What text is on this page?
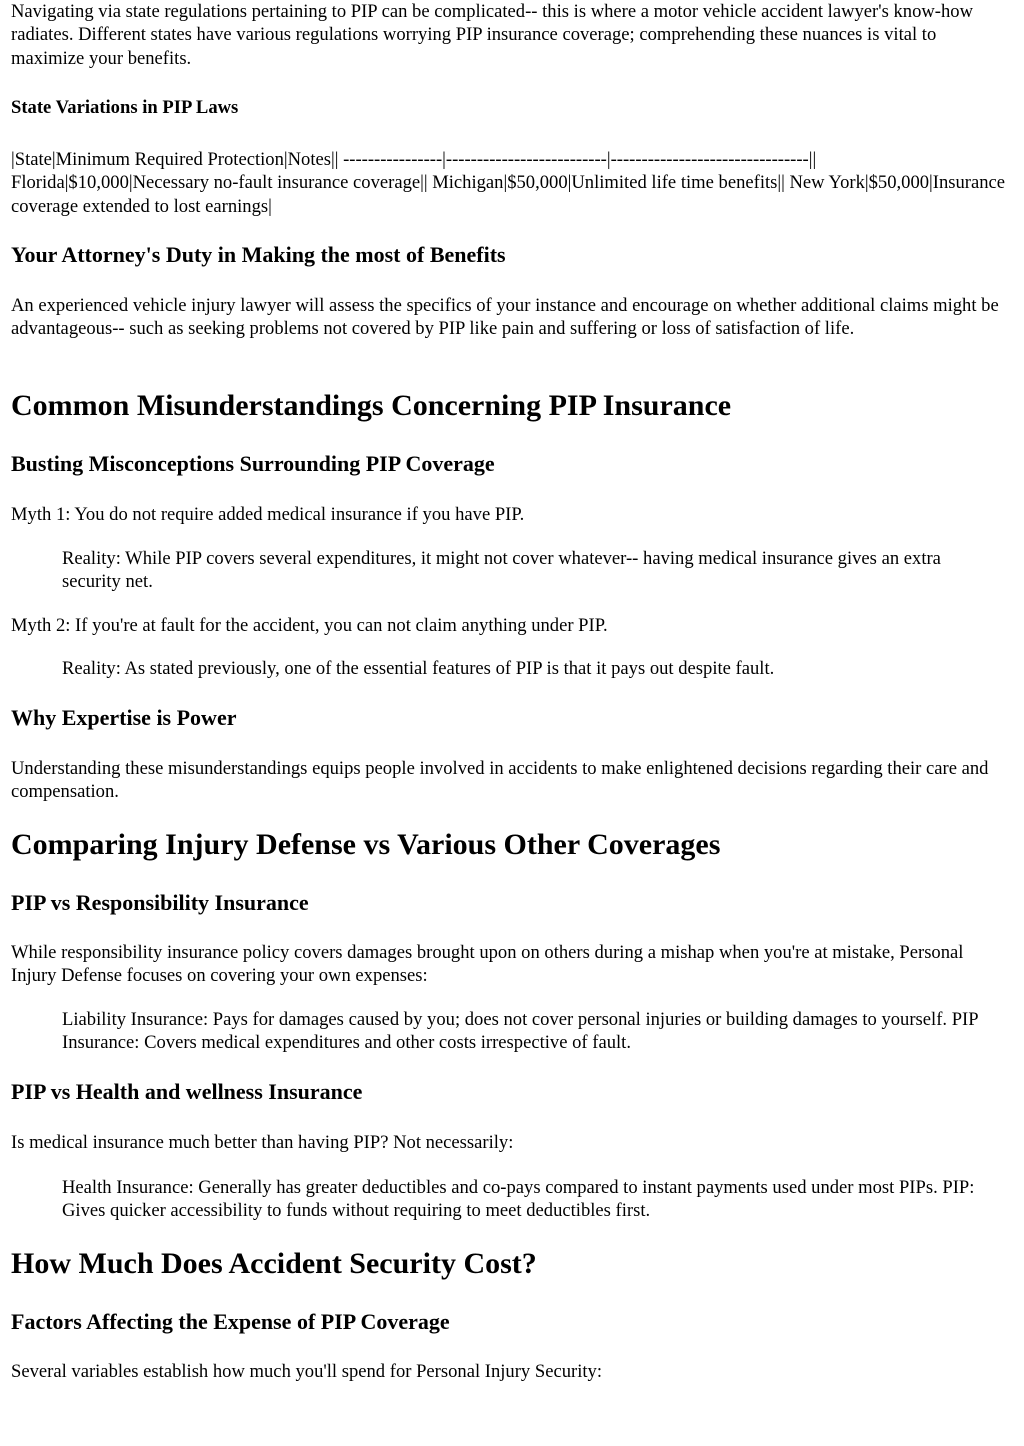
Navigating via state regulations pertaining to PIP can be complicated-- this is where a motor vehicle accident lawyer's know-how radiates. Different states have various regulations worrying PIP insurance coverage; comprehending these nuances is vital to maximize your benefits.

State Variations in PIP Laws

|State|Minimum Required Protection|Notes|| ----------------|--------------------------|--------------------------------|| Florida|$10,000|Necessary no-fault insurance coverage|| Michigan|$50,000|Unlimited life time benefits|| New York|$50,000|Insurance coverage extended to lost earnings|

Your Attorney's Duty in Making the most of Benefits

An experienced vehicle injury lawyer will assess the specifics of your instance and encourage on whether additional claims might be advantageous-- such as seeking problems not covered by PIP like pain and suffering or loss of satisfaction of life.

Common Misunderstandings Concerning PIP Insurance
Busting Misconceptions Surrounding PIP Coverage

Myth 1: You do not require added medical insurance if you have PIP.

Reality: While PIP covers several expenditures, it might not cover whatever-- having medical insurance gives an extra security net.

Myth 2: If you're at fault for the accident, you can not claim anything under PIP.

Reality: As stated previously, one of the essential features of PIP is that it pays out despite fault.
Why Expertise is Power

Understanding these misunderstandings equips people involved in accidents to make enlightened decisions regarding their care and compensation.

Comparing Injury Defense vs Various Other Coverages
PIP vs Responsibility Insurance

While responsibility insurance policy covers damages brought upon on others during a mishap when you're at mistake, Personal Injury Defense focuses on covering your own expenses:

Liability Insurance: Pays for damages caused by you; does not cover personal injuries or building damages to yourself. PIP Insurance: Covers medical expenditures and other costs irrespective of fault.
PIP vs Health and wellness Insurance

Is medical insurance much better than having PIP? Not necessarily:

Health Insurance: Generally has greater deductibles and co-pays compared to instant payments used under most PIPs. PIP: Gives quicker accessibility to funds without requiring to meet deductibles first.
How Much Does Accident Security Cost?
Factors Affecting the Expense of PIP Coverage

Several variables establish how much you'll spend for Personal Injury Security:
